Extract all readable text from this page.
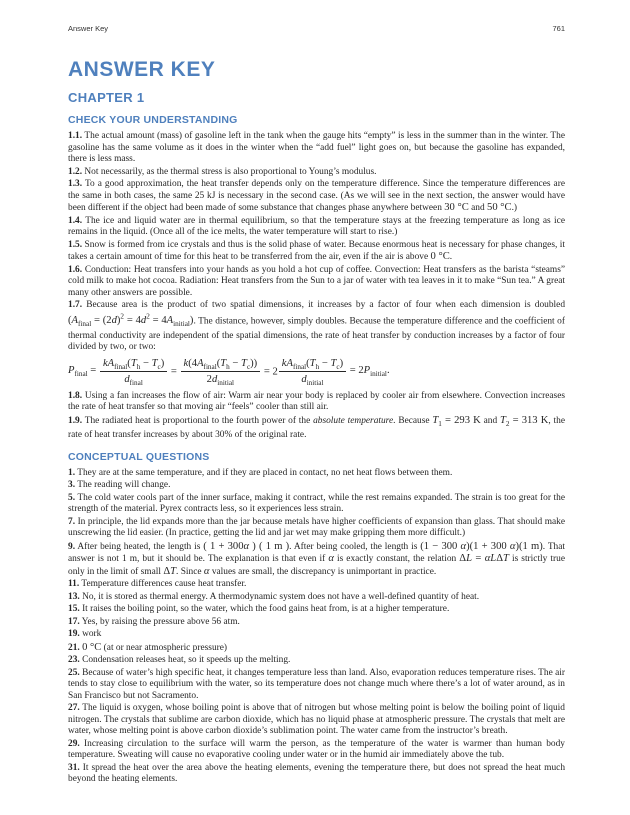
Answer Key	761
ANSWER KEY
CHAPTER 1
CHECK YOUR UNDERSTANDING

1.1. The actual amount (mass) of gasoline left in the tank when the gauge hits “empty” is less in the summer than in the winter. The gasoline has the same volume as it does in the winter when the “add fuel” light goes on, but because the gasoline has expanded, there is less mass.

1.2. Not necessarily, as the thermal stress is also proportional to Young’s modulus.

1.3. To a good approximation, the heat transfer depends only on the temperature difference. Since the temperature differences are the same in both cases, the same 25 kJ is necessary in the second case. (As we will see in the next section, the answer would have been different if the object had been made of some substance that changes phase anywhere between 30 °C and 50 °C.)

1.4. The ice and liquid water are in thermal equilibrium, so that the temperature stays at the freezing temperature as long as ice remains in the liquid. (Once all of the ice melts, the water temperature will start to rise.)

1.5. Snow is formed from ice crystals and thus is the solid phase of water. Because enormous heat is necessary for phase changes, it takes a certain amount of time for this heat to be transferred from the air, even if the air is above 0 °C.

1.6. Conduction: Heat transfers into your hands as you hold a hot cup of coffee. Convection: Heat transfers as the barista “steams” cold milk to make hot cocoa. Radiation: Heat transfers from the Sun to a jar of water with tea leaves in it to make “Sun tea.” A great many other answers are possible.

1.7. Because area is the product of two spatial dimensions, it increases by a factor of four when each dimension is doubled $(A_{final} = (2d)^2 = 4d^2 = 4A_{initial})$. The distance, however, simply doubles. Because the temperature difference and the coefficient of thermal conductivity are independent of the spatial dimensions, the rate of heat transfer by conduction increases by a factor of four divided by two, or two:

$P_{final} = \frac{kA_{final}(T_h - T_c)}{d_{final}} = \frac{k(4A_{final}(T_h - T_c))}{2d_{initial}} = 2 \frac{kA_{final}(T_h - T_c)}{d_{initial}} = 2P_{initial}$.

1.8. Using a fan increases the flow of air: Warm air near your body is replaced by cooler air from elsewhere. Convection increases the rate of heat transfer so that moving air “feels” cooler than still air.

1.9. The radiated heat is proportional to the fourth power of the absolute temperature. Because $T_1 = 293$ K and $T_2 = 313$ K, the rate of heat transfer increases by about 30% of the original rate.

CONCEPTUAL QUESTIONS

1. They are at the same temperature, and if they are placed in contact, no net heat flows between them.

3. The reading will change.

5. The cold water cools part of the inner surface, making it contract, while the rest remains expanded. The strain is too great for the strength of the material. Pyrex contracts less, so it experiences less strain.

7. In principle, the lid expands more than the jar because metals have higher coefficients of expansion than glass. That should make unscrewing the lid easier. (In practice, getting the lid and jar wet may make gripping them more difficult.)

9. After being heated, the length is ( 1 + 300α ) ( 1 m ). After being cooled, the length is (1 − 300 α)(1 + 300 α)(1 m). That answer is not 1 m, but it should be. The explanation is that even if α is exactly constant, the relation ΔL = αLΔT is strictly true only in the limit of small ΔT. Since α values are small, the discrepancy is unimportant in practice.

11. Temperature differences cause heat transfer.

13. No, it is stored as thermal energy. A thermodynamic system does not have a well-defined quantity of heat.

15. It raises the boiling point, so the water, which the food gains heat from, is at a higher temperature.

17. Yes, by raising the pressure above 56 atm.

19. work

21. 0 °C (at or near atmospheric pressure)

23. Condensation releases heat, so it speeds up the melting.

25. Because of water’s high specific heat, it changes temperature less than land. Also, evaporation reduces temperature rises. The air tends to stay close to equilibrium with the water, so its temperature does not change much where there’s a lot of water around, as in San Francisco but not Sacramento.

27. The liquid is oxygen, whose boiling point is above that of nitrogen but whose melting point is below the boiling point of liquid nitrogen. The crystals that sublime are carbon dioxide, which has no liquid phase at atmospheric pressure. The crystals that melt are water, whose melting point is above carbon dioxide’s sublimation point. The water came from the instructor’s breath.

29. Increasing circulation to the surface will warm the person, as the temperature of the water is warmer than human body temperature. Sweating will cause no evaporative cooling under water or in the humid air immediately above the tub.

31. It spread the heat over the area above the heating elements, evening the temperature there, but does not spread the heat much beyond the heating elements.
